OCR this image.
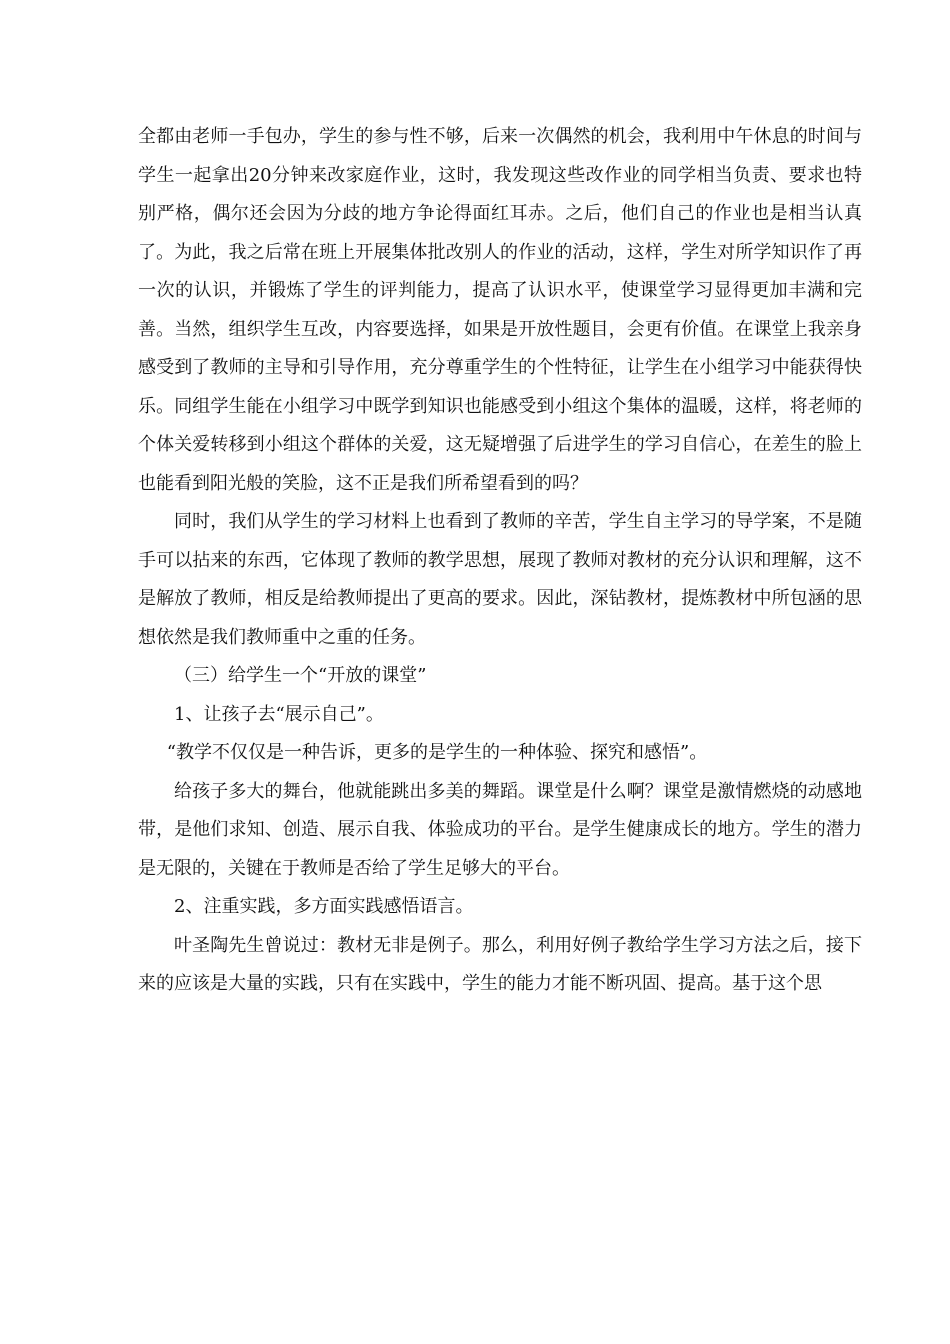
全都由老师一手包办，学生的参与性不够，后来一次偶然的机会，我利用中午休息的时间与学生一起拿出20分钟来改家庭作业，这时，我发现这些改作业的同学相当负责、要求也特别严格，偶尔还会因为分歧的地方争论得面红耳赤。之后，他们自己的作业也是相当认真了。为此，我之后常在班上开展集体批改别人的作业的活动，这样，学生对所学知识作了再一次的认识，并锻炼了学生的评判能力，提高了认识水平，使课堂学习显得更加丰满和完善。当然，组织学生互改，内容要选择，如果是开放性题目，会更有价值。在课堂上我亲身感受到了教师的主导和引导作用，充分尊重学生的个性特征，让学生在小组学习中能获得快乐。同组学生能在小组学习中既学到知识也能感受到小组这个集体的温暖，这样，将老师的个体关爱转移到小组这个群体的关爱，这无疑增强了后进学生的学习自信心，在差生的脸上也能看到阳光般的笑脸，这不正是我们所希望看到的吗？

同时，我们从学生的学习材料上也看到了教师的辛苦，学生自主学习的导学案，不是随手可以拈来的东西，它体现了教师的教学思想，展现了教师对教材的充分认识和理解，这不是解放了教师，相反是给教师提出了更高的要求。因此，深钻教材，提炼教材中所包涵的思想依然是我们教师重中之重的任务。

（三）给学生一个“开放的课堂”

1、让孩子去“展示自己”。

“教学不仅仅是一种告诉，更多的是学生的一种体验、探究和感悟”。

给孩子多大的舞台，他就能跳出多美的舞蹈。课堂是什么啊？课堂是激情燃烧的动感地带，是他们求知、创造、展示自我、体验成功的平台。是学生健康成长的地方。学生的潜力是无限的，关键在于教师是否给了学生足够大的平台。

2、注重实践，多方面实践感悟语言。

叶圣陶先生曾说过：教材无非是例子。那么，利用好例子教给学生学习方法之后，接下来的应该是大量的实践，只有在实践中，学生的能力才能不断巩固、提高。基于这个思
